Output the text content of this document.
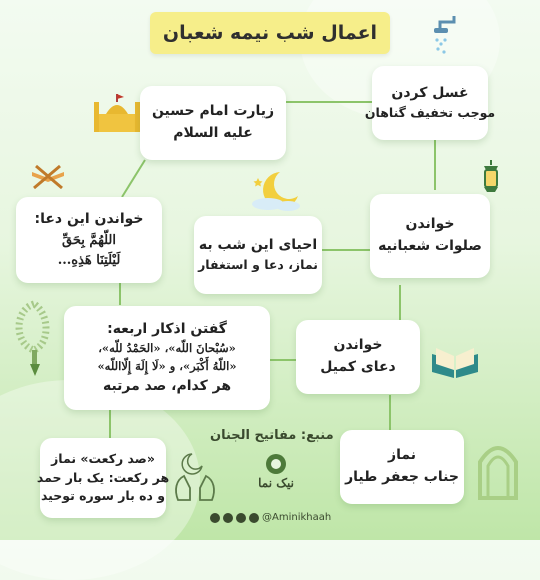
اعمال شب نیمه شعبان
نیک نما
غسل کردن
موجب تخفیف گناهان
زیارت امام حسین
علیه السلام
خواندن این دعا:
اللّهُمَّ بِحَقِّ
لَيْلَتِنَا هَذِهِ...
احیای این شب به
نماز، دعا و استغفار
خواندن
صلوات شعبانیه
گفتن اذکار اربعه:
«سُبْحانَ اللّه»، «الحَمْدُ للّه»،
«اللّهُ أَکْبَر»، و «لَا إِلَهَ إِلّااللّه»
هر کدام، صد مرتبه
خواندن
دعای کمیل
«صد رکعت» نماز
هر رکعت: یک بار حمد
و ده بار سوره توحید
نماز
جناب جعفر طیار
منبع: مفاتیح الجنان
@Aminikhaah
